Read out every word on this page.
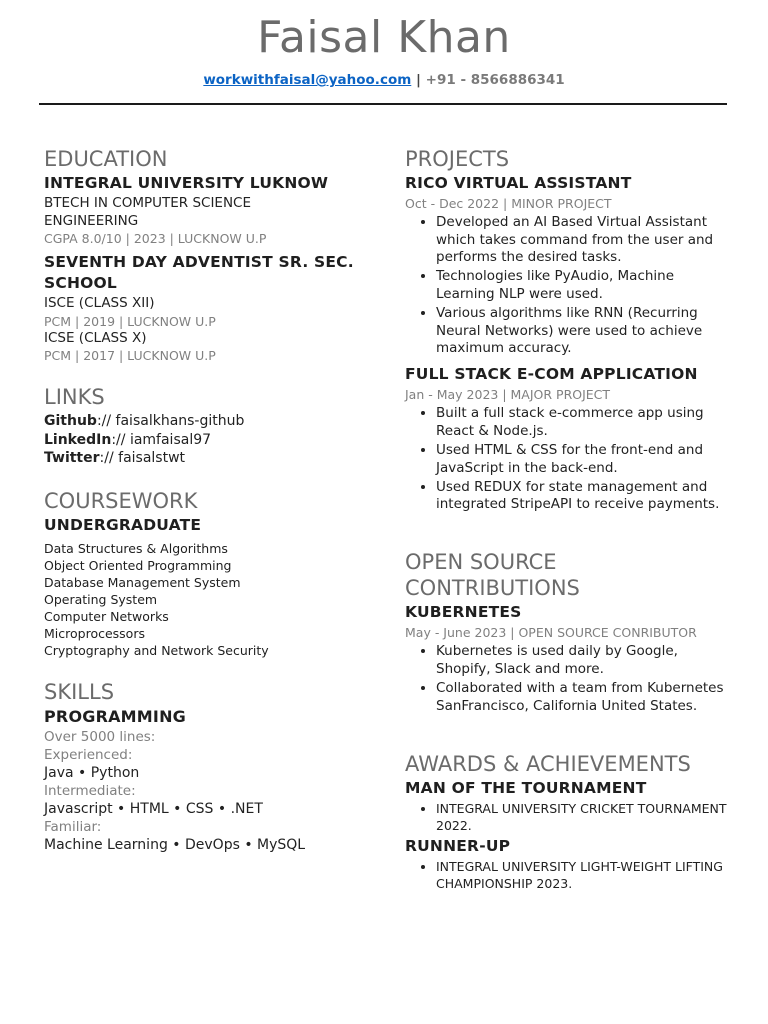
Faisal Khan
workwithfaisal@yahoo.com | +91 - 8566886341
EDUCATION
INTEGRAL UNIVERSITY LUKNOW
BTECH IN COMPUTER SCIENCE
ENGINEERING
CGPA 8.0/10 | 2023 | LUCKNOW U.P
SEVENTH DAY ADVENTIST SR. SEC.
SCHOOL
ISCE (CLASS XII)
PCM | 2019 | LUCKNOW U.P
ICSE (CLASS X)
PCM | 2017 | LUCKNOW U.P
LINKS
Github:// faisalkhans-github
LinkedIn:// iamfaisal97
Twitter:// faisalstwt
COURSEWORK
UNDERGRADUATE
Data Structures & Algorithms
Object Oriented Programming
Database Management System
Operating System
Computer Networks
Microprocessors
Cryptography and Network Security
SKILLS
PROGRAMMING
Over 5000 lines:
Experienced:
Java • Python
Intermediate:
Javascript • HTML • CSS • .NET
Familiar:
Machine Learning • DevOps • MySQL
PROJECTS
RICO VIRTUAL ASSISTANT
Oct - Dec 2022 | MINOR PROJECT
• Developed an AI Based Virtual Assistant which takes command from the user and performs the desired tasks.
• Technologies like PyAudio, Machine Learning NLP were used.
• Various algorithms like RNN (Recurring Neural Networks) were used to achieve maximum accuracy.
FULL STACK E-COM APPLICATION
Jan - May 2023 | MAJOR PROJECT
• Built a full stack e-commerce app using React & Node.js.
• Used HTML & CSS for the front-end and JavaScript in the back-end.
• Used REDUX for state management and integrated StripeAPI to receive payments.
OPEN SOURCE CONTRIBUTIONS
KUBERNETES
May - June 2023 | OPEN SOURCE CONRIBUTOR
• Kubernetes is used daily by Google, Shopify, Slack and more.
• Collaborated with a team from Kubernetes SanFrancisco, California United States.
AWARDS & ACHIEVEMENTS
MAN OF THE TOURNAMENT
• INTEGRAL UNIVERSITY CRICKET TOURNAMENT 2022.
RUNNER-UP
• INTEGRAL UNIVERSITY LIGHT-WEIGHT LIFTING CHAMPIONSHIP 2023.
